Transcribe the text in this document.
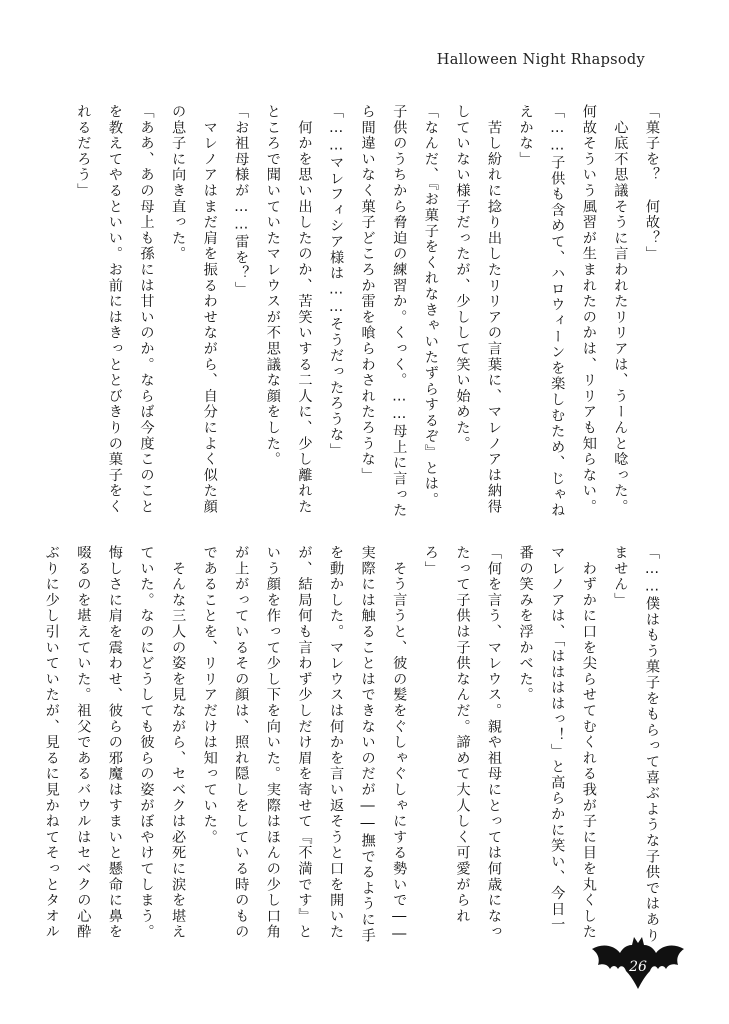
Halloween Night Rhapsody

「菓子を？　何故？」

　心底不思議そうに言われたリリアは、うーんと唸った。何故そういう風習が生まれたのかは、リリアも知らない。

「……子供も含めて、ハロウィーンを楽しむため、じゃねえかな」

　苦し紛れに捻り出したリリアの言葉に、マレノアは納得していない様子だったが、少しして笑い始めた。

「なんだ、『お菓子をくれなきゃいたずらするぞ』とは。子供のうちから脅迫の練習か。くっく。……母上に言ったら間違いなく菓子どころか雷を喰らわされたろうな」

「……マレフィシア様は……そうだったろうな」

　何かを思い出したのか、苦笑いする二人に、少し離れたところで聞いていたマレウスが不思議な顔をした。

「お祖母様が……雷を？」

　マレノアはまだ肩を振るわせながら、自分によく似た顔の息子に向き直った。

「ああ、あの母上も孫には甘いのか。ならば今度このことを教えてやるといい。お前にはきっととびきりの菓子をくれるだろう」

「……僕はもう菓子をもらって喜ぶような子供ではありません」

　わずかに口を尖らせてむくれる我が子に目を丸くしたマレノアは、「ははははっ！」と高らかに笑い、今日一番の笑みを浮かべた。

「何を言う、マレウス。親や祖母にとっては何歳になったって子供は子供なんだ。諦めて大人しく可愛がられろ」

　そう言うと、彼の髪をぐしゃぐしゃにする勢いで――実際には触ることはできないのだが――撫でるように手を動かした。マレウスは何かを言い返そうと口を開いたが、結局何も言わず少しだけ眉を寄せて『不満です』という顔を作って少し下を向いた。実際はほんの少し口角が上がっているその顔は、照れ隠しをしている時のものであることを、リリアだけは知っていた。

　そんな三人の姿を見ながら、セベクは必死に涙を堪えていた。なのにどうしても彼らの姿がぼやけてしまう。悔しさに肩を震わせ、彼らの邪魔はすまいと懸命に鼻を啜るのを堪えていた。祖父であるバウルはセベクの心酔ぶりに少し引いていたが、見るに見かねてそっとタオル

26
